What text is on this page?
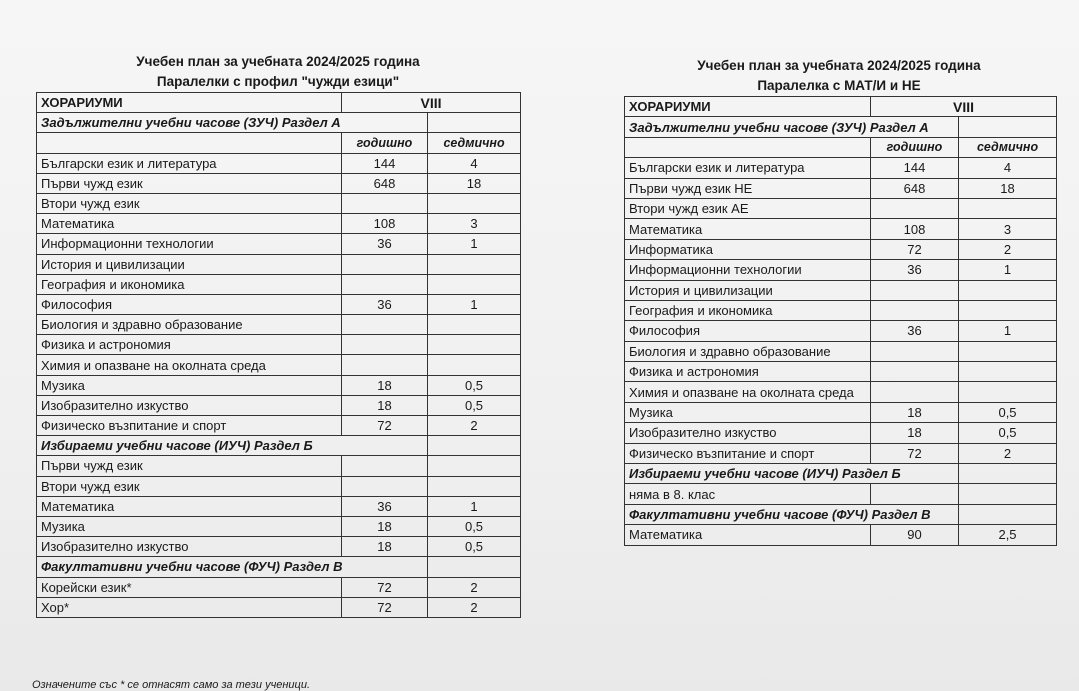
Учебен план за учебната 2024/2025 година
Паралелки с профил "чужди езици"
ХОРАРИУМИ	VIII	
Задължителни учебни часове (ЗУЧ) Раздел А		
	годишно	седмично
Български език и литература	144	4
Първи чужд език	648	18
Втори чужд език		
Математика	108	3
Информационни технологии	36	1
История и цивилизации		
География и икономика		
Философия	36	1
Биология и здравно образование		
Физика и астрономия		
Химия и опазване на околната среда		
Музика	18	0,5
Изобразително изкуство	18	0,5
Физическо възпитание и спорт	72	2
Избираеми учебни часове (ИУЧ) Раздел Б		
Първи чужд език		
Втори чужд език		
Математика	36	1
Музика	18	0,5
Изобразително изкуство	18	0,5
Факултативни учебни часове (ФУЧ) Раздел В		
Корейски език*	72	2
Хор*	72	2
Учебен план за учебната 2024/2025 година
Паралелка с МАТ/И и НЕ
ХОРАРИУМИ	VIII	
Задължителни учебни часове (ЗУЧ) Раздел А		
	годишно	седмично
Български език и литература	144	4
Първи чужд език НЕ	648	18
Втори чужд език АЕ		
Математика	108	3
Информатика	72	2
Информационни технологии	36	1
История и цивилизации		
География и икономика		
Философия	36	1
Биология и здравно образование		
Физика и астрономия		
Химия и опазване на околната среда		
Музика	18	0,5
Изобразително изкуство	18	0,5
Физическо възпитание и спорт	72	2
Избираеми учебни часове (ИУЧ) Раздел Б		
няма в 8. клас		
Факултативни учебни часове (ФУЧ) Раздел В		
Математика	90	2,5
Означените със * се отнасят само за тези ученици.
